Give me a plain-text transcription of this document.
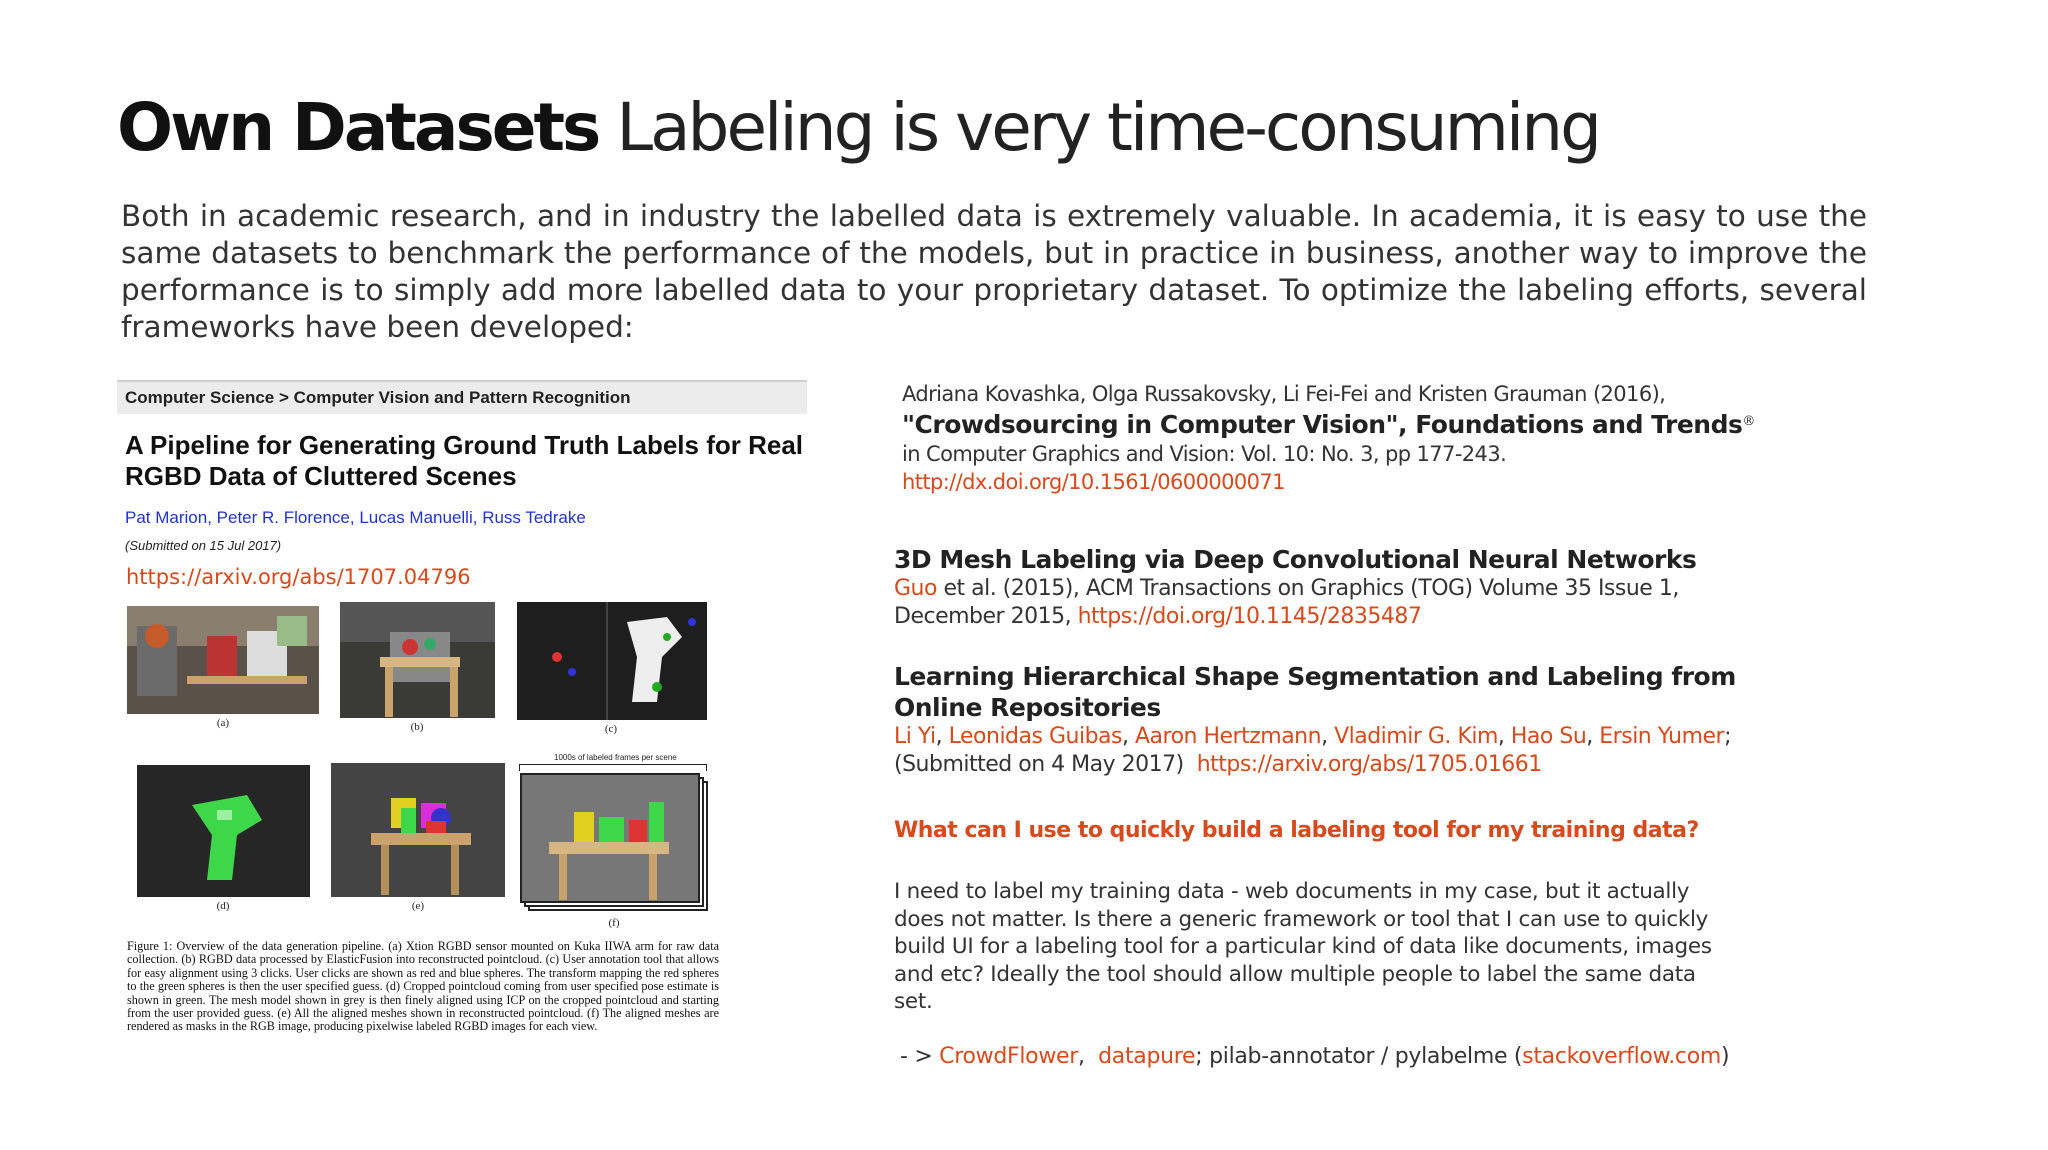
Own Datasets Labeling is very time-consuming

Both in academic research, and in industry the labelled data is extremely valuable. In academia, it is easy to use the same datasets to benchmark the performance of the models, but in practice in business, another way to improve the performance is to simply add more labelled data to your proprietary dataset. To optimize the labeling efforts, several frameworks have been developed:

Computer Science > Computer Vision and Pattern Recognition
A Pipeline for Generating Ground Truth Labels for Real RGBD Data of Cluttered Scenes
Pat Marion, Peter R. Florence, Lucas Manuelli, Russ Tedrake
(Submitted on 15 Jul 2017)
https://arxiv.org/abs/1707.04796
1000s of labeled frames per scene
(a)	(b)	(c)
(d)	(e)
(f)

Figure 1: Overview of the data generation pipeline. (a) Xtion RGBD sensor mounted on Kuka IIWA arm for raw data collection. (b) RGBD data processed by ElasticFusion into reconstructed pointcloud. (c) User annotation tool that allows for easy alignment using 3 clicks. User clicks are shown as red and blue spheres. The transform mapping the red spheres to the green spheres is then the user specified guess. (d) Cropped pointcloud coming from user specified pose estimate is shown in green. The mesh model shown in grey is then finely aligned using ICP on the cropped pointcloud and starting from the user provided guess. (e) All the aligned meshes shown in reconstructed pointcloud. (f) The aligned meshes are rendered as masks in the RGB image, producing pixelwise labeled RGBD images for each view.

Adriana Kovashka, Olga Russakovsky, Li Fei-Fei and Kristen Grauman (2016),
"Crowdsourcing in Computer Vision", Foundations and Trends®
in Computer Graphics and Vision: Vol. 10: No. 3, pp 177-243.
http://dx.doi.org/10.1561/0600000071
3D Mesh Labeling via Deep Convolutional Neural Networks
Guo et al. (2015), ACM Transactions on Graphics (TOG) Volume 35 Issue 1,
December 2015, https://doi.org/10.1145/2835487
Learning Hierarchical Shape Segmentation and Labeling from
Online Repositories
Li Yi, Leonidas Guibas, Aaron Hertzmann, Vladimir G. Kim, Hao Su, Ersin Yumer;
(Submitted on 4 May 2017) https://arxiv.org/abs/1705.01661
What can I use to quickly build a labeling tool for my training data?

I need to label my training data - web documents in my case, but it actually does not matter. Is there a generic framework or tool that I can use to quickly build UI for a labeling tool for a particular kind of data like documents, images and etc? Ideally the tool should allow multiple people to label the same data set.

- > CrowdFlower,  datapure; pilab-annotator / pylabelme (stackoverflow.com)
